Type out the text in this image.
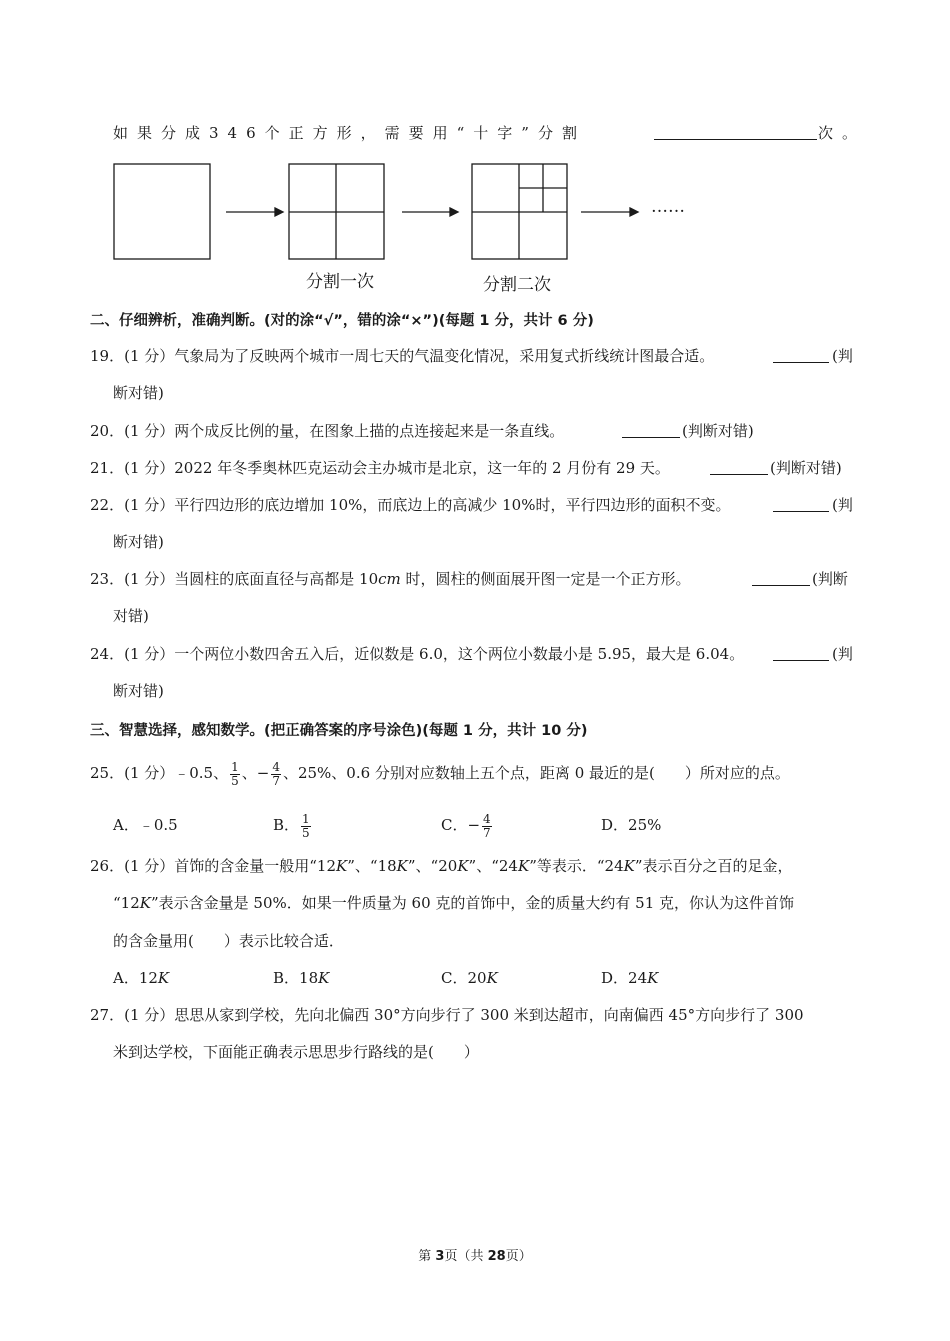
如果分成346个正方形，需要用“十字”分割	次。
……
分割一次	分割二次
二、仔细辨析，准确判断。(对的涂“√”，错的涂“×”)(每题 1 分，共计 6 分)
19．(1 分）气象局为了反映两个城市一周七天的气温变化情况，采用复式折线统计图最合适。	(判
断对错)
20．(1 分）两个成反比例的量，在图象上描的点连接起来是一条直线。	(判断对错)
21．(1 分）2022 年冬季奥林匹克运动会主办城市是北京，这一年的 2 月份有 29 天。	(判断对错)
22．(1 分）平行四边形的底边增加 10%，而底边上的高减少 10%时，平行四边形的面积不变。	(判
断对错)
23．(1 分）当圆柱的底面直径与高都是 10cm 时，圆柱的侧面展开图一定是一个正方形。	(判断
对错)
24．(1 分）一个两位小数四舍五入后，近似数是 6.0，这个两位小数最小是 5.95，最大是 6.04。	(判
断对错)
三、智慧选择，感知数学。(把正确答案的序号涂色)(每题 1 分，共计 10 分)
25．(1 分）﹣0.5、 $\frac{1}{5}$ 、− $\frac{4}{7}$ 、25%、0.6 分别对应数轴上五个点，距离 0 最近的是(　　）所对应的点。
A．﹣0.5	B． $\frac{1}{5}$	C．− $\frac{4}{7}$	D．25%
26．(1 分）首饰的含金量一般用“12K”、“18K”、“20K”、“24K”等表示．“24K”表示百分之百的足金，
“12K”表示含金量是 50%．如果一件质量为 60 克的首饰中，金的质量大约有 51 克，你认为这件首饰
的含金量用(　　）表示比较合适．
A．12K	B．18K	C．20K	D．24K
27．(1 分）思思从家到学校，先向北偏西 30°方向步行了 300 米到达超市，向南偏西 45°方向步行了 300
米到达学校，下面能正确表示思思步行路线的是(　　）
第 3页（共 28页）
